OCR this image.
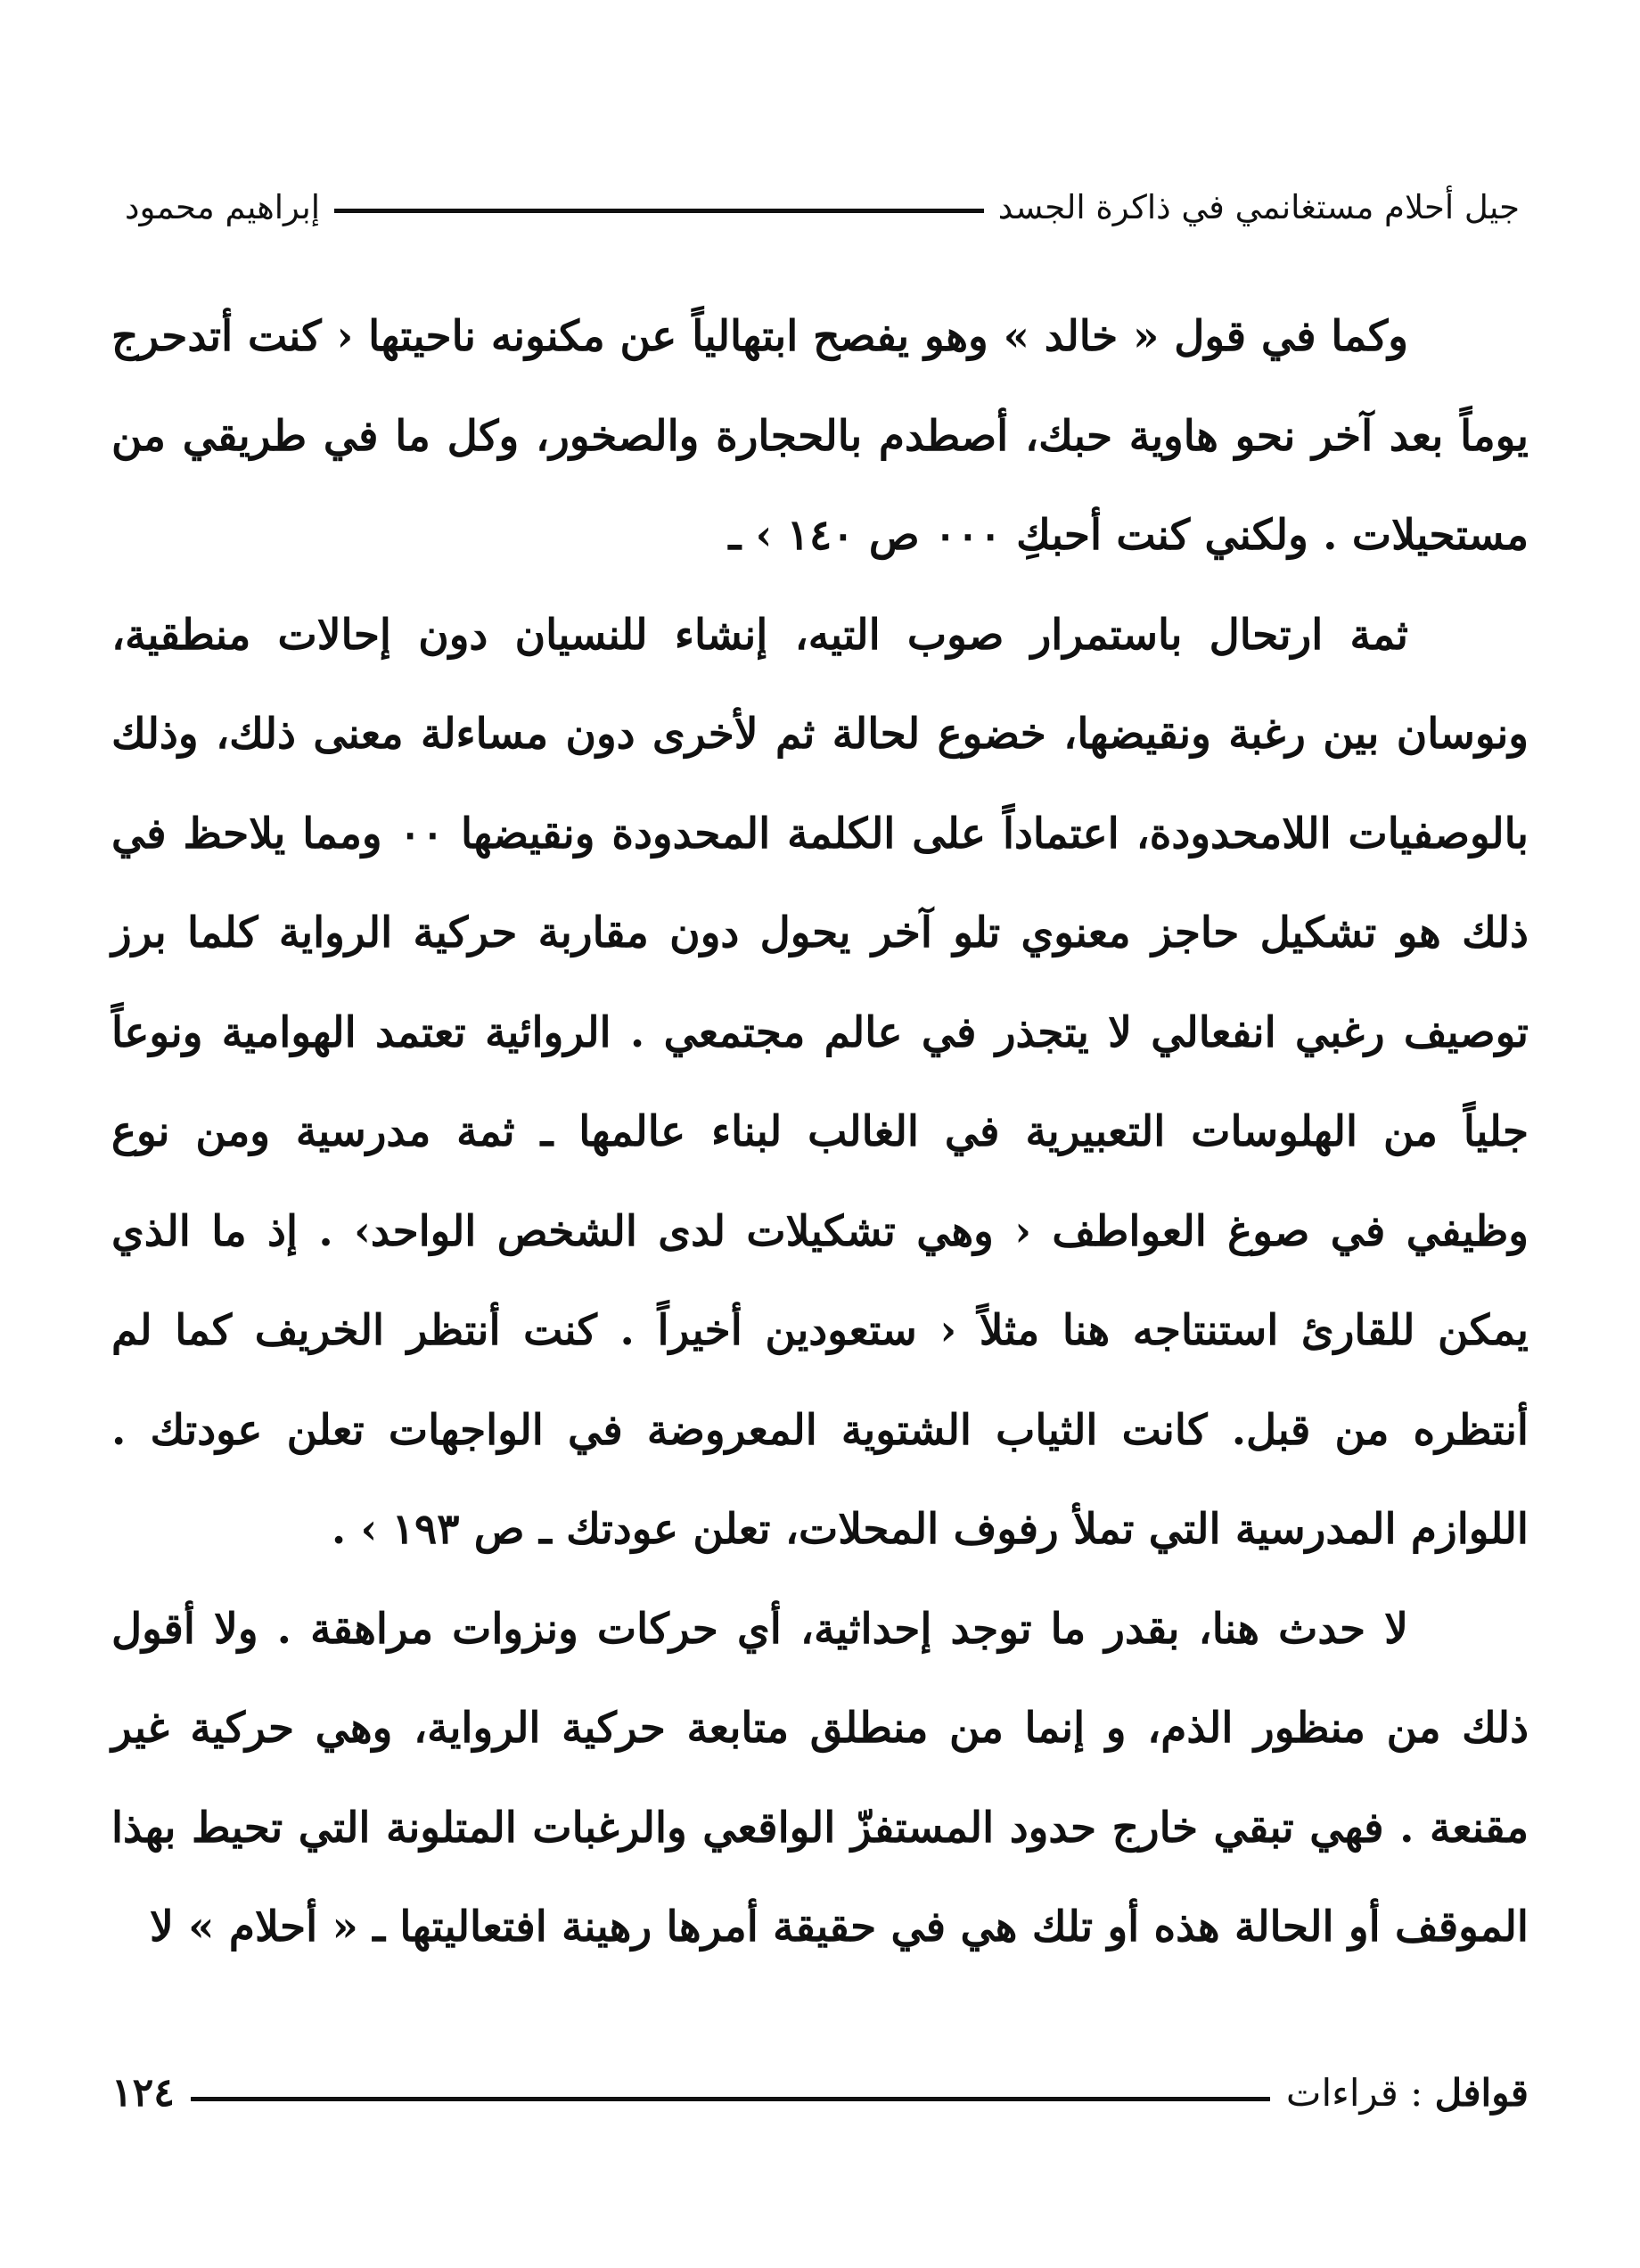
جيل أحلام مستغانمي في ذاكرة الجسد
إبراهيم محمود

وكما في قول « خالد » وهو يفصح ابتهالياً عن مكنونه ناحيتها ‹ كنت أتدحرج يوماً بعد آخر نحو هاوية حبك، أصطدم بالحجارة والصخور، وكل ما في طريقي من مستحيلات . ولكني كنت أحبكِ ٠٠٠ ص ١٤٠ › ـ

ثمة ارتحال باستمرار صوب التيه، إنشاء للنسيان دون إحالات منطقية، ونوسان بين رغبة ونقيضها، خضوع لحالة ثم لأخرى دون مساءلة معنى ذلك، وذلك بالوصفيات اللامحدودة، اعتماداً على الكلمة المحدودة ونقيضها ٠٠ ومما يلاحظ في ذلك هو تشكيل حاجز معنوي تلو آخر يحول دون مقاربة حركية الرواية كلما برز توصيف رغبي انفعالي لا يتجذر في عالم مجتمعي . الروائية تعتمد الهوامية ونوعاً جلياً من الهلوسات التعبيرية في الغالب لبناء عالمها ـ ثمة مدرسية ومن نوع وظيفي في صوغ العواطف ‹ وهي تشكيلات لدى الشخص الواحد› . إذ ما الذي يمكن للقارئ استنتاجه هنا مثلاً ‹ ستعودين أخيراً . كنت أنتظر الخريف كما لم أنتظره من قبل. كانت الثياب الشتوية المعروضة في الواجهات تعلن عودتك . اللوازم المدرسية التي تملأ رفوف المحلات، تعلن عودتك ـ ص ١٩٣ › .

لا حدث هنا، بقدر ما توجد إحداثية، أي حركات ونزوات مراهقة . ولا أقول ذلك من منظور الذم، و إنما من منطلق متابعة حركية الرواية، وهي حركية غير مقنعة . فهي تبقي خارج حدود المستفزّ الواقعي والرغبات المتلونة التي تحيط بهذا الموقف أو الحالة هذه أو تلك هي في حقيقة أمرها رهينة افتعاليتها ـ « أحلام » لا

قوافل
:
قراءات
١٢٤
